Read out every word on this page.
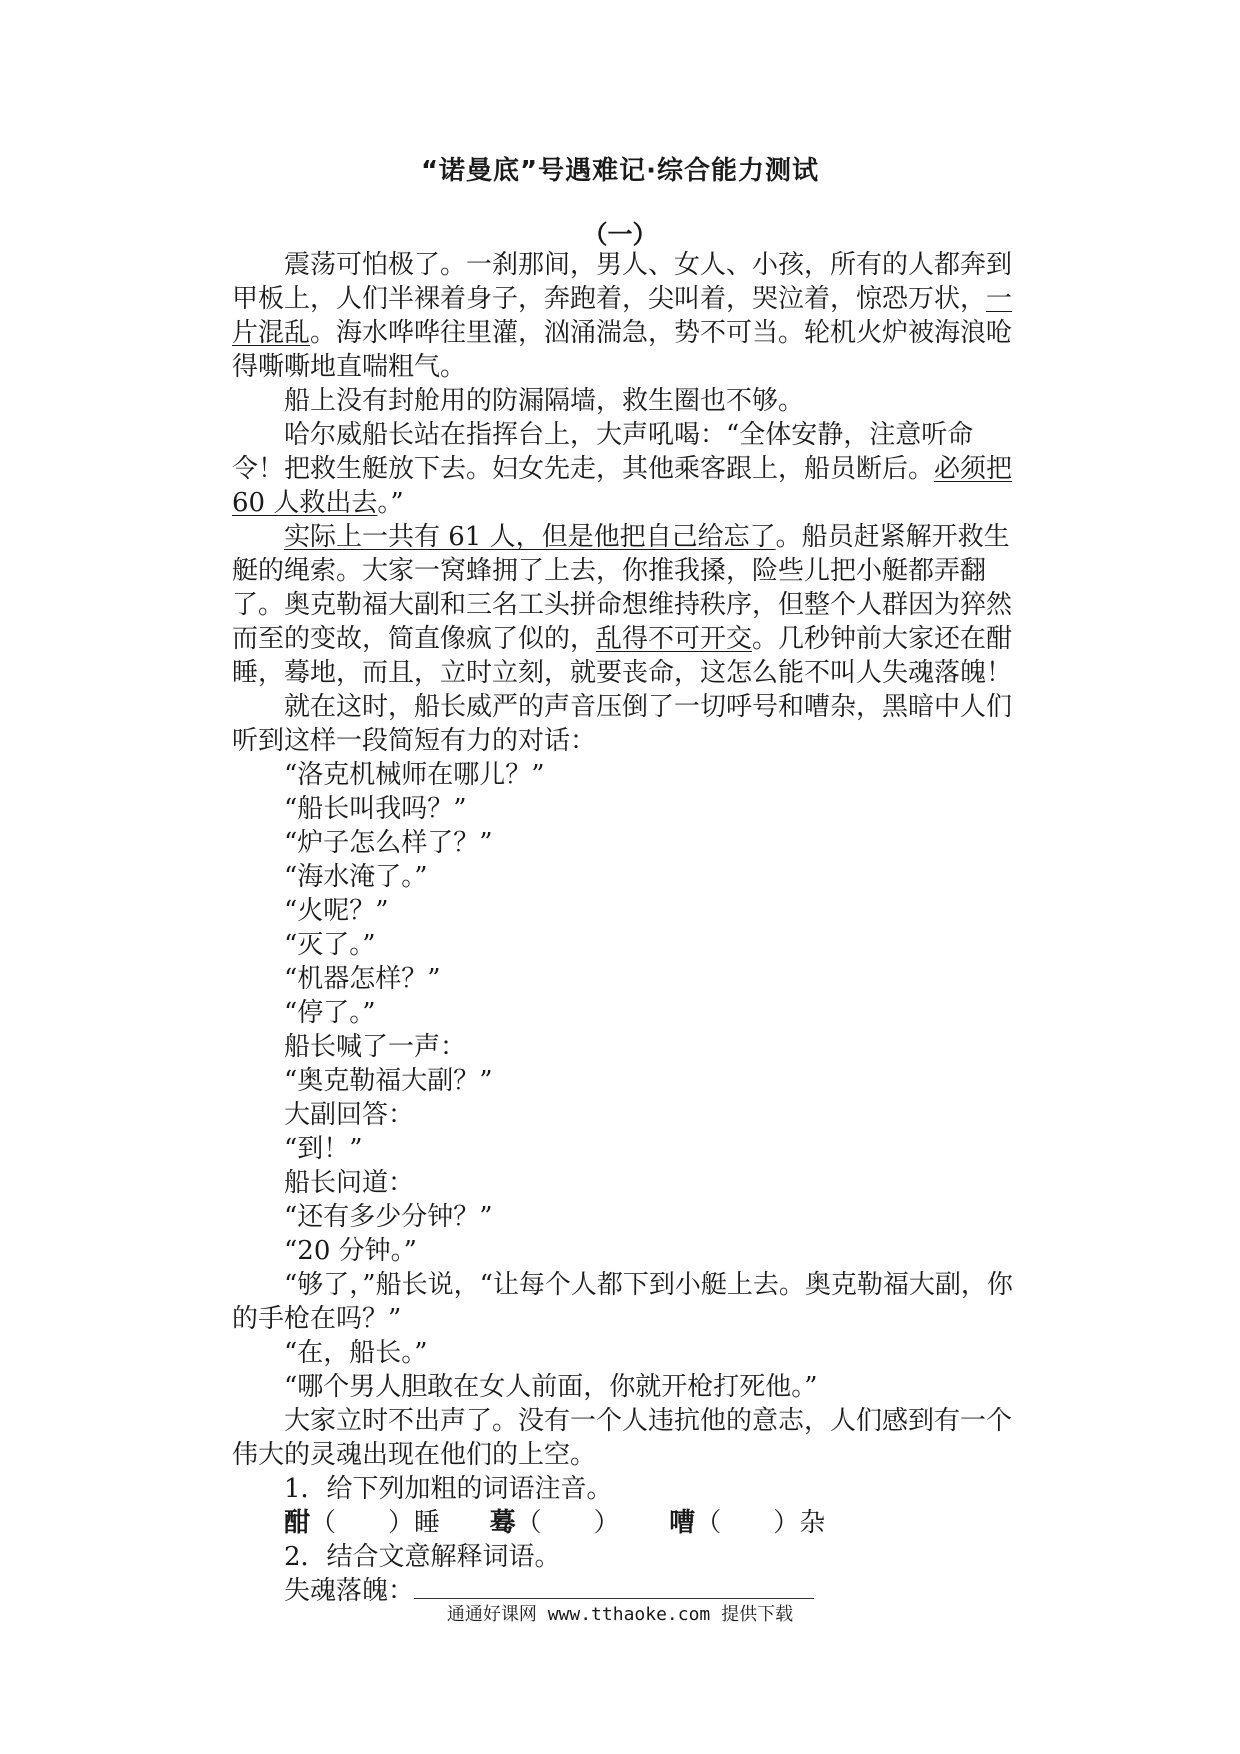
“诺曼底”号遇难记·综合能力测试
（一）

震荡可怕极了。一刹那间，男人、女人、小孩，所有的人都奔到甲板上，人们半裸着身子，奔跑着，尖叫着，哭泣着，惊恐万状，一片混乱。海水哗哗往里灌，汹涌湍急，势不可当。轮机火炉被海浪呛得嘶嘶地直喘粗气。

船上没有封舱用的防漏隔墙，救生圈也不够。

哈尔威船长站在指挥台上，大声吼喝：“全体安静，注意听命令！把救生艇放下去。妇女先走，其他乘客跟上，船员断后。必须把 60 人救出去。”

实际上一共有 61 人，但是他把自己给忘了。船员赶紧解开救生艇的绳索。大家一窝蜂拥了上去，你推我搡，险些儿把小艇都弄翻了。奥克勒福大副和三名工头拼命想维持秩序，但整个人群因为猝然而至的变故，简直像疯了似的，乱得不可开交。几秒钟前大家还在酣睡，蓦地，而且，立时立刻，就要丧命，这怎么能不叫人失魂落魄！

就在这时，船长威严的声音压倒了一切呼号和嘈杂，黑暗中人们听到这样一段简短有力的对话：

“洛克机械师在哪儿？”

“船长叫我吗？”

“炉子怎么样了？”

“海水淹了。”

“火呢？”

“灭了。”

“机器怎样？”

“停了。”

船长喊了一声：

“奥克勒福大副？”

大副回答：

“到！”

船长问道：

“还有多少分钟？”

“20 分钟。”

“够了，”船长说，“让每个人都下到小艇上去。奥克勒福大副，你的手枪在吗？”

“在，船长。”

“哪个男人胆敢在女人前面，你就开枪打死他。”

大家立时不出声了。没有一个人违抗他的意志，人们感到有一个伟大的灵魂出现在他们的上空。

1．给下列加粗的词语注音。

酣（　　）睡 蓦（　　） 嘈（　　）杂

2．结合文意解释词语。

失魂落魄：

通通好课网 www.tthaoke.com 提供下载
